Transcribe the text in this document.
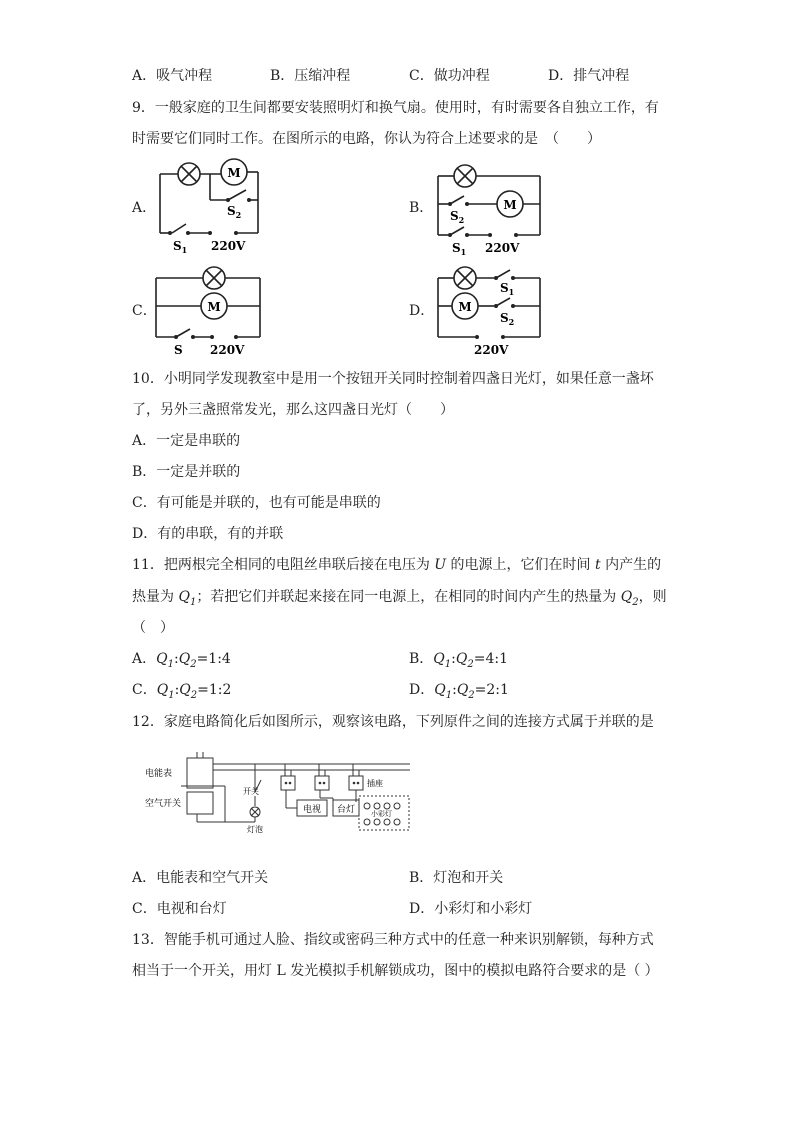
A．吸气冲程	B．压缩冲程	C．做功冲程	D．排气冲程
9．一般家庭的卫生间都要安装照明灯和换气扇。使用时，有时需要各自独立工作，有
时需要它们同时工作。在图所示的电路，你认为符合上述要求的是　（　　）
A．	B．
C．	D．
M
$S_2$
$S_1$ 220V
M
$S_2$
$S_1$ 220V
M
S 220V
M
$S_1$
$S_2$
220V
10．小明同学发现教室中是用一个按钮开关同时控制着四盏日光灯，如果任意一盏坏
了，另外三盏照常发光，那么这四盏日光灯（　　）
A．一定是串联的
B．一定是并联的
C．有可能是并联的，也有可能是串联的
D．有的串联，有的并联
11．把两根完全相同的电阻丝串联后接在电压为 U 的电源上，它们在时间 t 内产生的
热量为 $Q_1$；若把它们并联起来接在同一电源上，在相同的时间内产生的热量为 $Q_2$，则
（　）
A．$Q_1:Q_2=1:4$	B．$Q_1:Q_2=4:1$
C．$Q_1:Q_2=1:2$	D．$Q_1:Q_2=2:1$
12．家庭电路简化后如图所示，观察该电路，下列原件之间的连接方式属于并联的是
电能表
空气开关
开关
灯泡
插座
电视 台灯 小彩灯
A．电能表和空气开关	B．灯泡和开关
C．电视和台灯	D．小彩灯和小彩灯
13．智能手机可通过人脸、指纹或密码三种方式中的任意一种来识别解锁，每种方式
相当于一个开关，用灯 L 发光模拟手机解锁成功，图中的模拟电路符合要求的是（ ）
